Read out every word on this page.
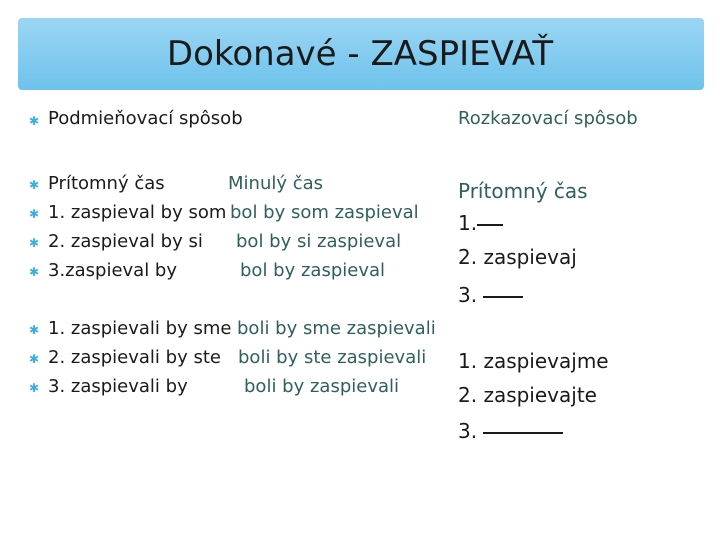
Dokonavé - ZASPIEVAŤ
✱ Podmieňovací spôsob	Rozkazovací spôsob
✱ Prítomný čas
✱ 1. zaspieval by som
✱ 2. zaspieval by si
✱ 3.zaspieval by
Minulý čas
bol by som zaspieval
bol by si zaspieval
bol by zaspieval
✱ 1. zaspievali by sme
✱ 2. zaspievali by ste
✱ 3. zaspievali by
boli by sme zaspievali
boli by ste zaspievali
boli by zaspievali
Prítomný čas
1.
2. zaspievaj
3.
1. zaspievajme
2. zaspievajte
3.
